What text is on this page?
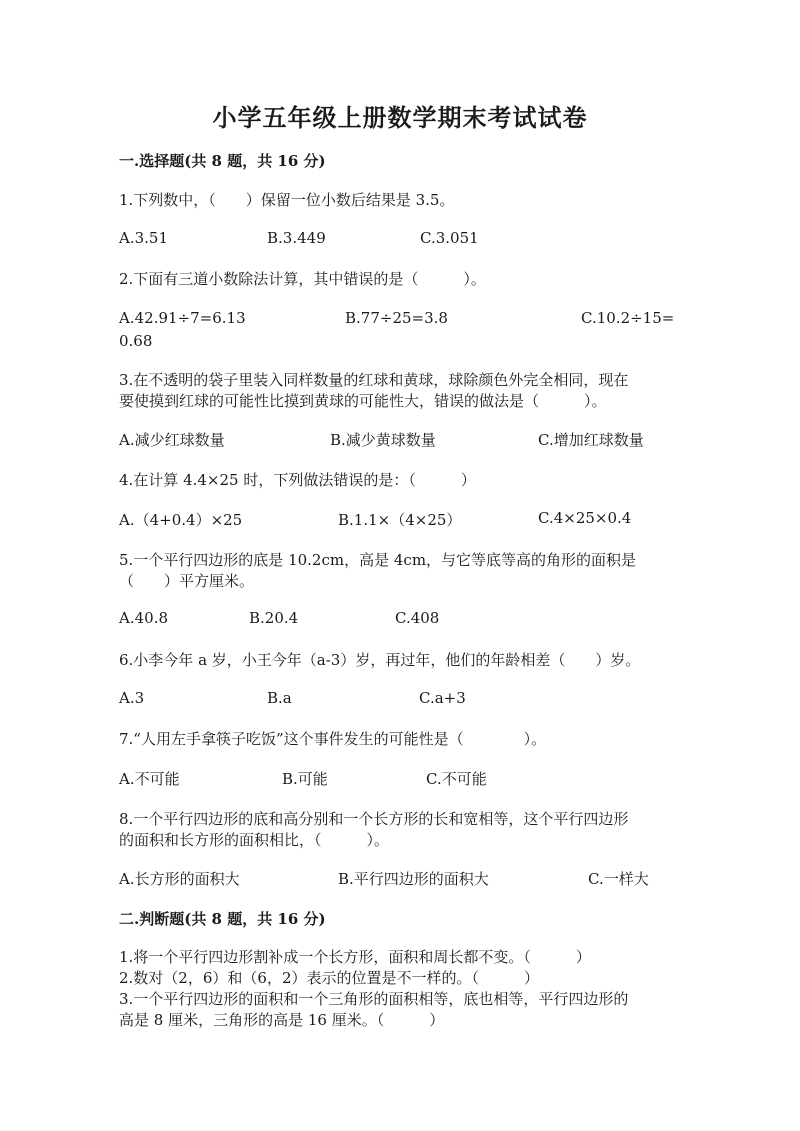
小学五年级上册数学期末考试试卷
一.选择题(共 8 题，共 16 分)
1.下列数中，（　　）保留一位小数后结果是 3.5。
A.3.51	B.3.449	C.3.051
2.下面有三道小数除法计算，其中错误的是（　　　）。
A.42.91÷7=6.13	B.77÷25=3.8	C.10.2÷15=
0.68
3.在不透明的袋子里装入同样数量的红球和黄球，球除颜色外完全相同，现在
要使摸到红球的可能性比摸到黄球的可能性大，错误的做法是（　　　）。
A.减少红球数量	B.减少黄球数量	C.增加红球数量
4.在计算 4.4×25 时，下列做法错误的是：（　　　）
A.（4+0.4）×25	B.1.1×（4×25）	C.4×25×0.4
5.一个平行四边形的底是 10.2cm，高是 4cm，与它等底等高的角形的面积是
（　　）平方厘米。
A.40.8	B.20.4	C.408
6.小李今年 a 岁，小王今年（a-3）岁，再过年，他们的年龄相差（　　）岁。
A.3	B.a	C.a+3
7.“人用左手拿筷子吃饭”这个事件发生的可能性是（　　　　）。
A.不可能	B.可能	C.不可能
8.一个平行四边形的底和高分别和一个长方形的长和宽相等，这个平行四边形
的面积和长方形的面积相比，（　　　）。
A.长方形的面积大	B.平行四边形的面积大	C.一样大
二.判断题(共 8 题，共 16 分)
1.将一个平行四边形割补成一个长方形，面积和周长都不变。（　　　）
2.数对（2，6）和（6，2）表示的位置是不一样的。（　　　）
3.一个平行四边形的面积和一个三角形的面积相等，底也相等，平行四边形的
高是 8 厘米，三角形的高是 16 厘米。（　　　）
